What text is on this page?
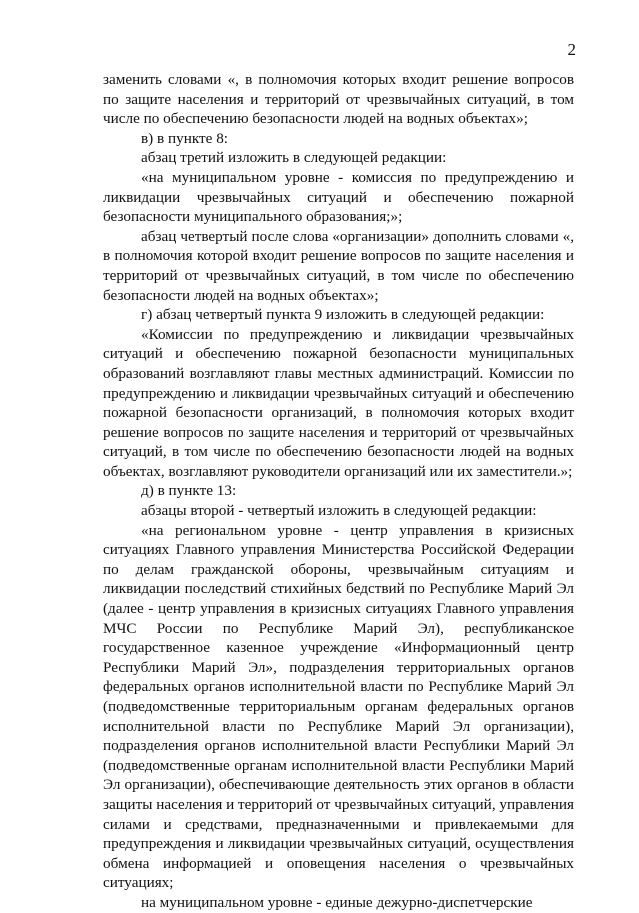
2

заменить словами «, в полномочия которых входит решение вопросов по защите населения и территорий от чрезвычайных ситуаций, в том числе по обеспечению безопасности людей на водных объектах»;

в) в пункте 8:

абзац третий изложить в следующей редакции:

«на муниципальном уровне - комиссия по предупреждению и ликвидации чрезвычайных ситуаций и обеспечению пожарной безопасности муниципального образования;»;

абзац четвертый после слова «организации» дополнить словами «, в полномочия которой входит решение вопросов по защите населения и территорий от чрезвычайных ситуаций, в том числе по обеспечению безопасности людей на водных объектах»;

г) абзац четвертый пункта 9 изложить в следующей редакции:

«Комиссии по предупреждению и ликвидации чрезвычайных ситуаций и обеспечению пожарной безопасности муниципальных образований возглавляют главы местных администраций. Комиссии по предупреждению и ликвидации чрезвычайных ситуаций и обеспечению пожарной безопасности организаций, в полномочия которых входит решение вопросов по защите населения и территорий от чрезвычайных ситуаций, в том числе по обеспечению безопасности людей на водных объектах, возглавляют руководители организаций или их заместители.»;

д) в пункте 13:

абзацы второй - четвертый изложить в следующей редакции:

«на региональном уровне - центр управления в кризисных ситуациях Главного управления Министерства Российской Федерации по делам гражданской обороны, чрезвычайным ситуациям и ликвидации последствий стихийных бедствий по Республике Марий Эл (далее - центр управления в кризисных ситуациях Главного управления МЧС России по Республике Марий Эл), республиканское государственное казенное учреждение «Информационный центр Республики Марий Эл», подразделения территориальных органов федеральных органов исполнительной власти по Республике Марий Эл (подведомственные территориальным органам федеральных органов исполнительной власти по Республике Марий Эл организации), подразделения органов исполнительной власти Республики Марий Эл (подведомственные органам исполнительной власти Республики Марий Эл организации), обеспечивающие деятельность этих органов в области защиты населения и территорий от чрезвычайных ситуаций, управления силами и средствами, предназначенными и привлекаемыми для предупреждения и ликвидации чрезвычайных ситуаций, осуществления обмена информацией и оповещения населения о чрезвычайных ситуациях;

на муниципальном уровне - единые дежурно-диспетчерские
